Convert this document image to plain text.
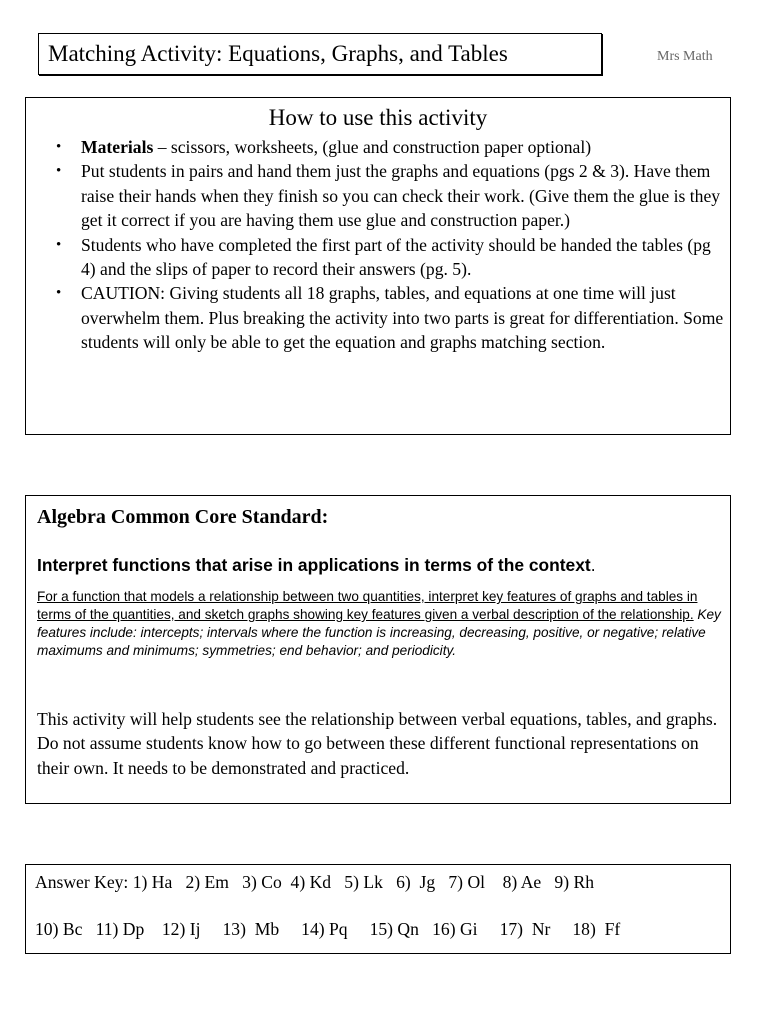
Matching Activity: Equations, Graphs, and Tables	Mrs Math
How to use this activity
• Materials – scissors, worksheets, (glue and construction paper optional)
• Put students in pairs and hand them just the graphs and equations (pgs 2 & 3). Have them raise their hands when they finish so you can check their work. (Give them the glue is they get it correct if you are having them use glue and construction paper.)
• Students who have completed the first part of the activity should be handed the tables (pg 4) and the slips of paper to record their answers (pg. 5).
• CAUTION: Giving students all 18 graphs, tables, and equations at one time will just overwhelm them. Plus breaking the activity into two parts is great for differentiation. Some students will only be able to get the equation and graphs matching section.
Algebra Common Core Standard:
Interpret functions that arise in applications in terms of the context.
For a function that models a relationship between two quantities, interpret key features of graphs and tables in terms of the quantities, and sketch graphs showing key features given a verbal description of the relationship. Key features include: intercepts; intervals where the function is increasing, decreasing, positive, or negative; relative maximums and minimums; symmetries; end behavior; and periodicity.
This activity will help students see the relationship between verbal equations, tables, and graphs. Do not assume students know how to go between these different functional representations on their own. It needs to be demonstrated and practiced.
Answer Key: 1) Ha   2) Em   3) Co  4) Kd   5) Lk   6)  Jg   7) Ol    8) Ae   9) Rh
10) Bc   11) Dp    12) Ij     13)  Mb     14) Pq     15) Qn   16) Gi     17)  Nr     18)  Ff
